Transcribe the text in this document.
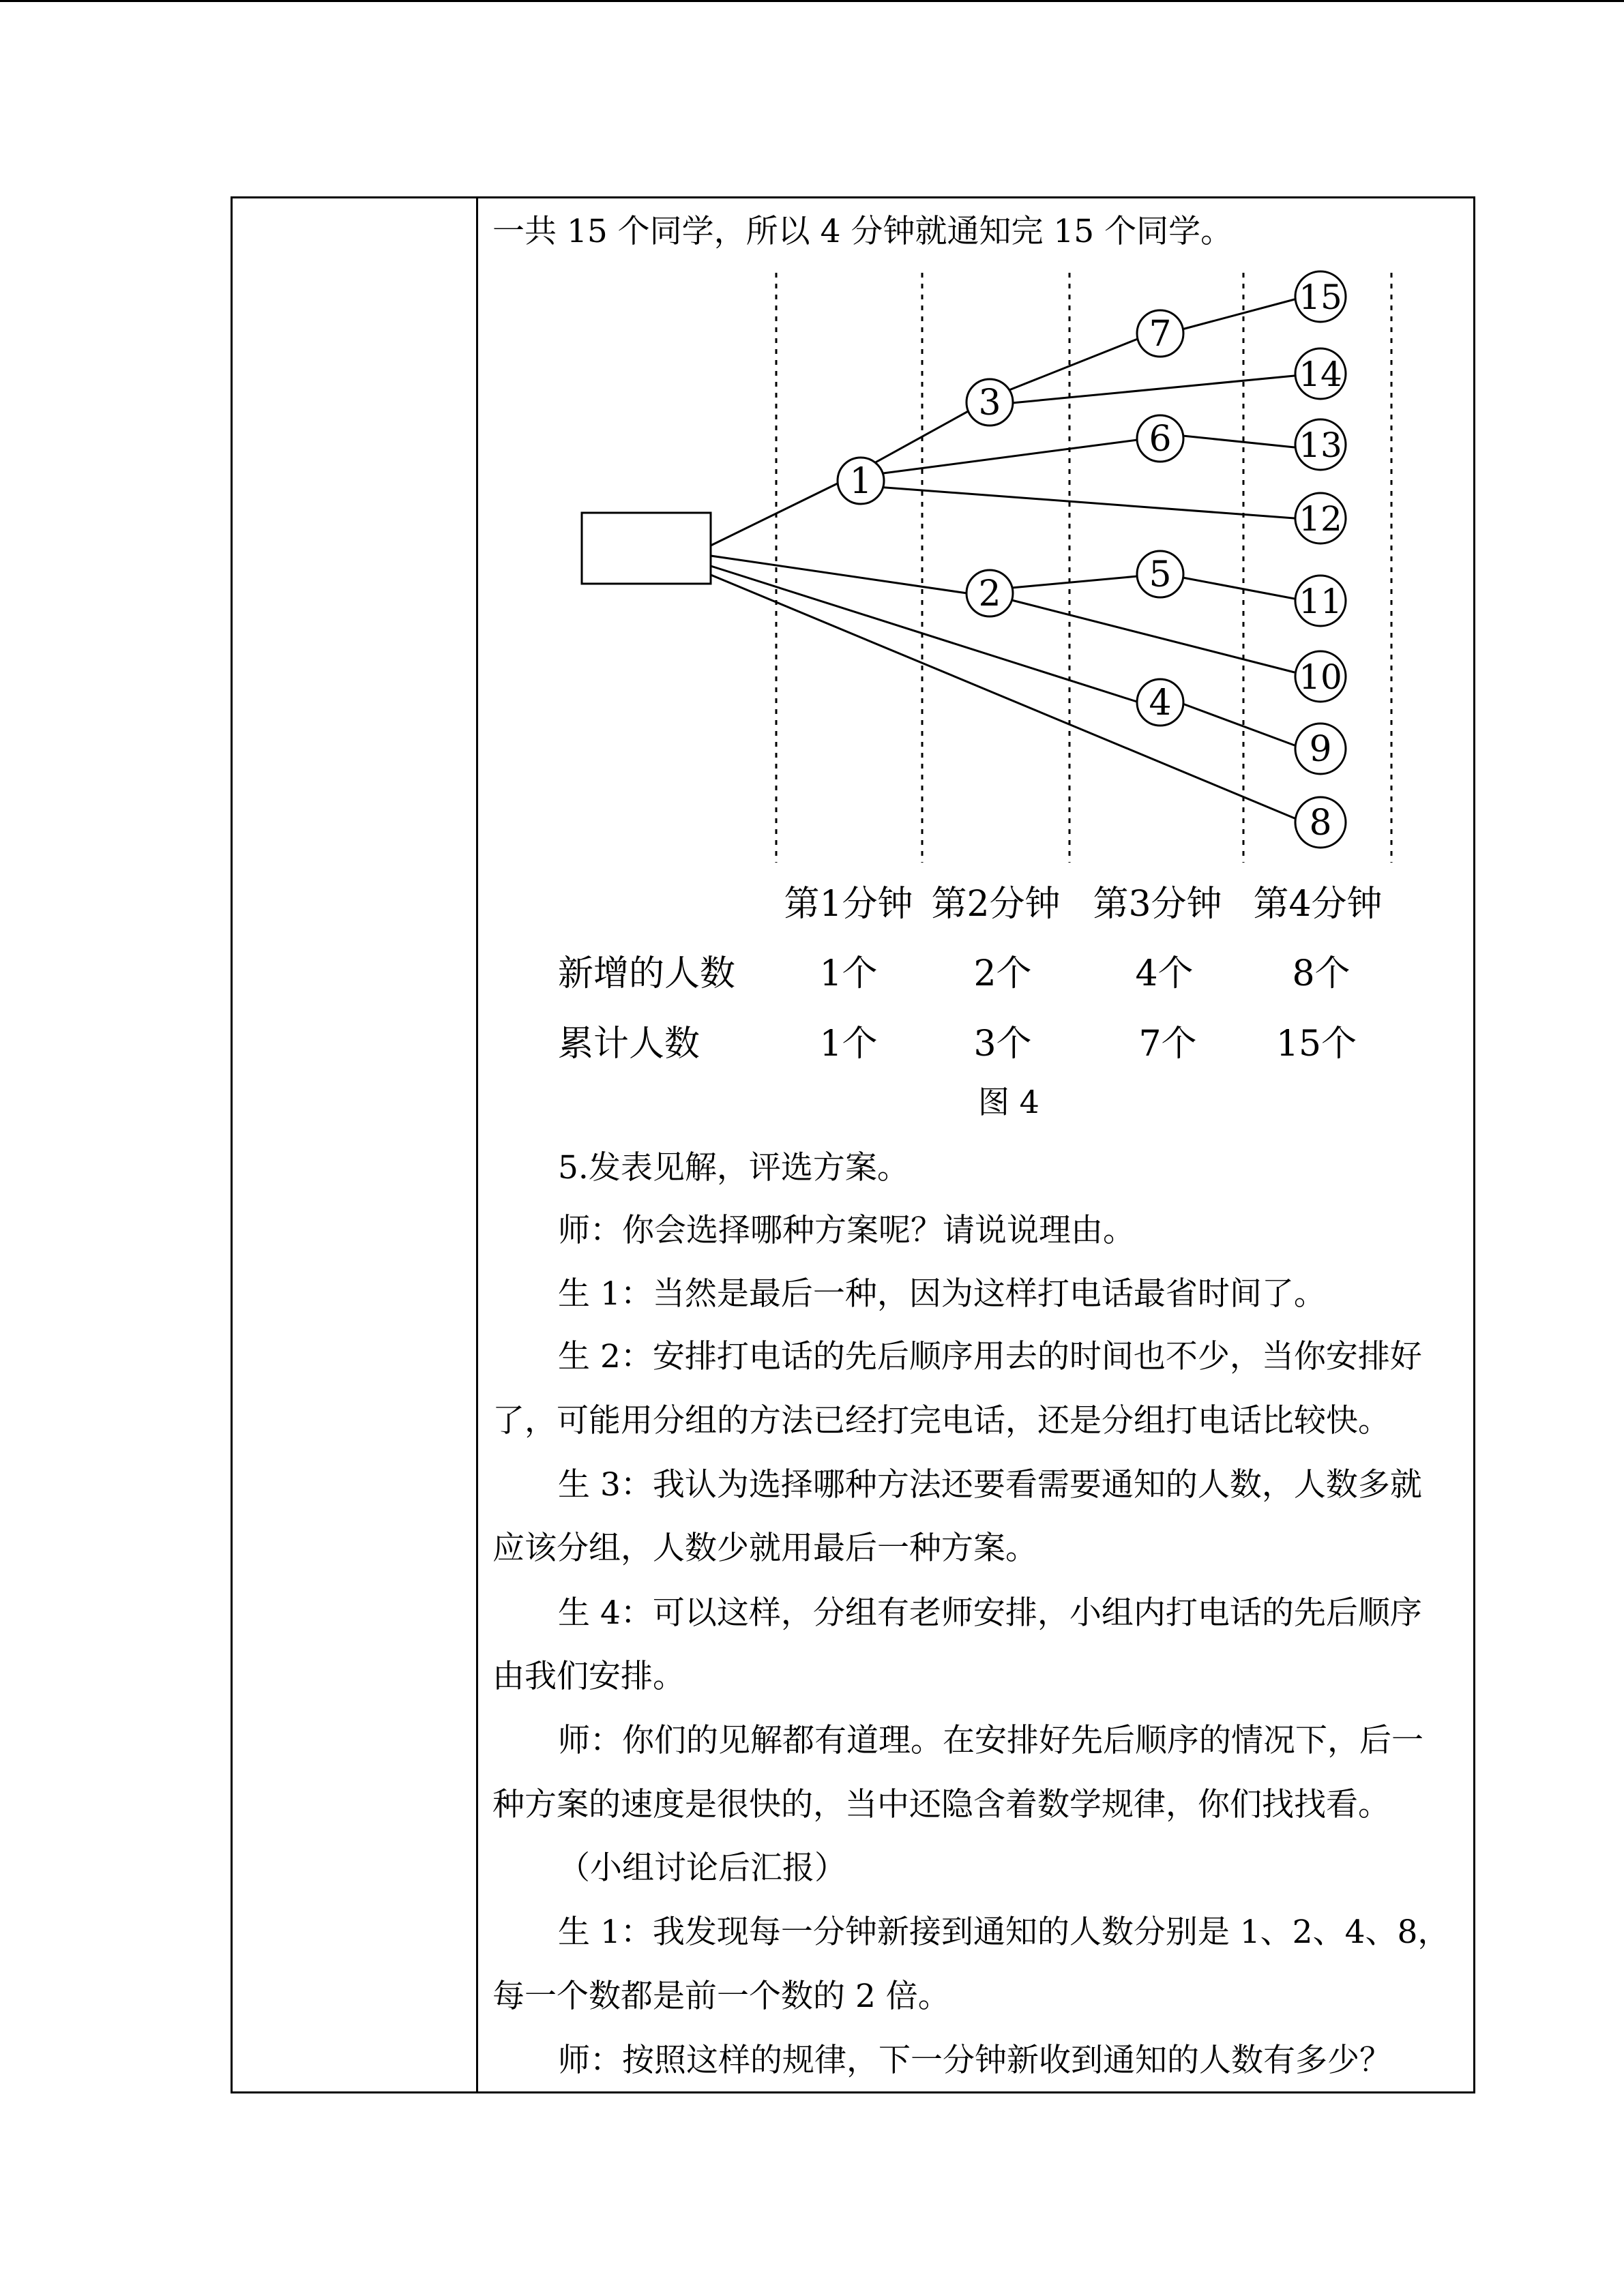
一共 15 个同学，所以 4 分钟就通知完 15 个同学。
1
2
3
4
5
6
7
8
9
10
11
12
13
14
15
第1分钟 第2分钟 第3分钟 第4分钟
新增的人数 1个	2个	4个	8个
累计人数	1个	3个	7个 15个
图 4
5.发表见解，评选方案。
师：你会选择哪种方案呢？请说说理由。
生 1：当然是最后一种，因为这样打电话最省时间了。
生 2：安排打电话的先后顺序用去的时间也不少，当你安排好
了，可能用分组的方法已经打完电话，还是分组打电话比较快。
生 3：我认为选择哪种方法还要看需要通知的人数，人数多就
应该分组，人数少就用最后一种方案。
生 4：可以这样，分组有老师安排，小组内打电话的先后顺序
由我们安排。
师：你们的见解都有道理。在安排好先后顺序的情况下，后一
种方案的速度是很快的，当中还隐含着数学规律，你们找找看。
（小组讨论后汇报）
生 1：我发现每一分钟新接到通知的人数分别是 1、2、4、8，
每一个数都是前一个数的 2 倍。
师：按照这样的规律，下一分钟新收到通知的人数有多少？
